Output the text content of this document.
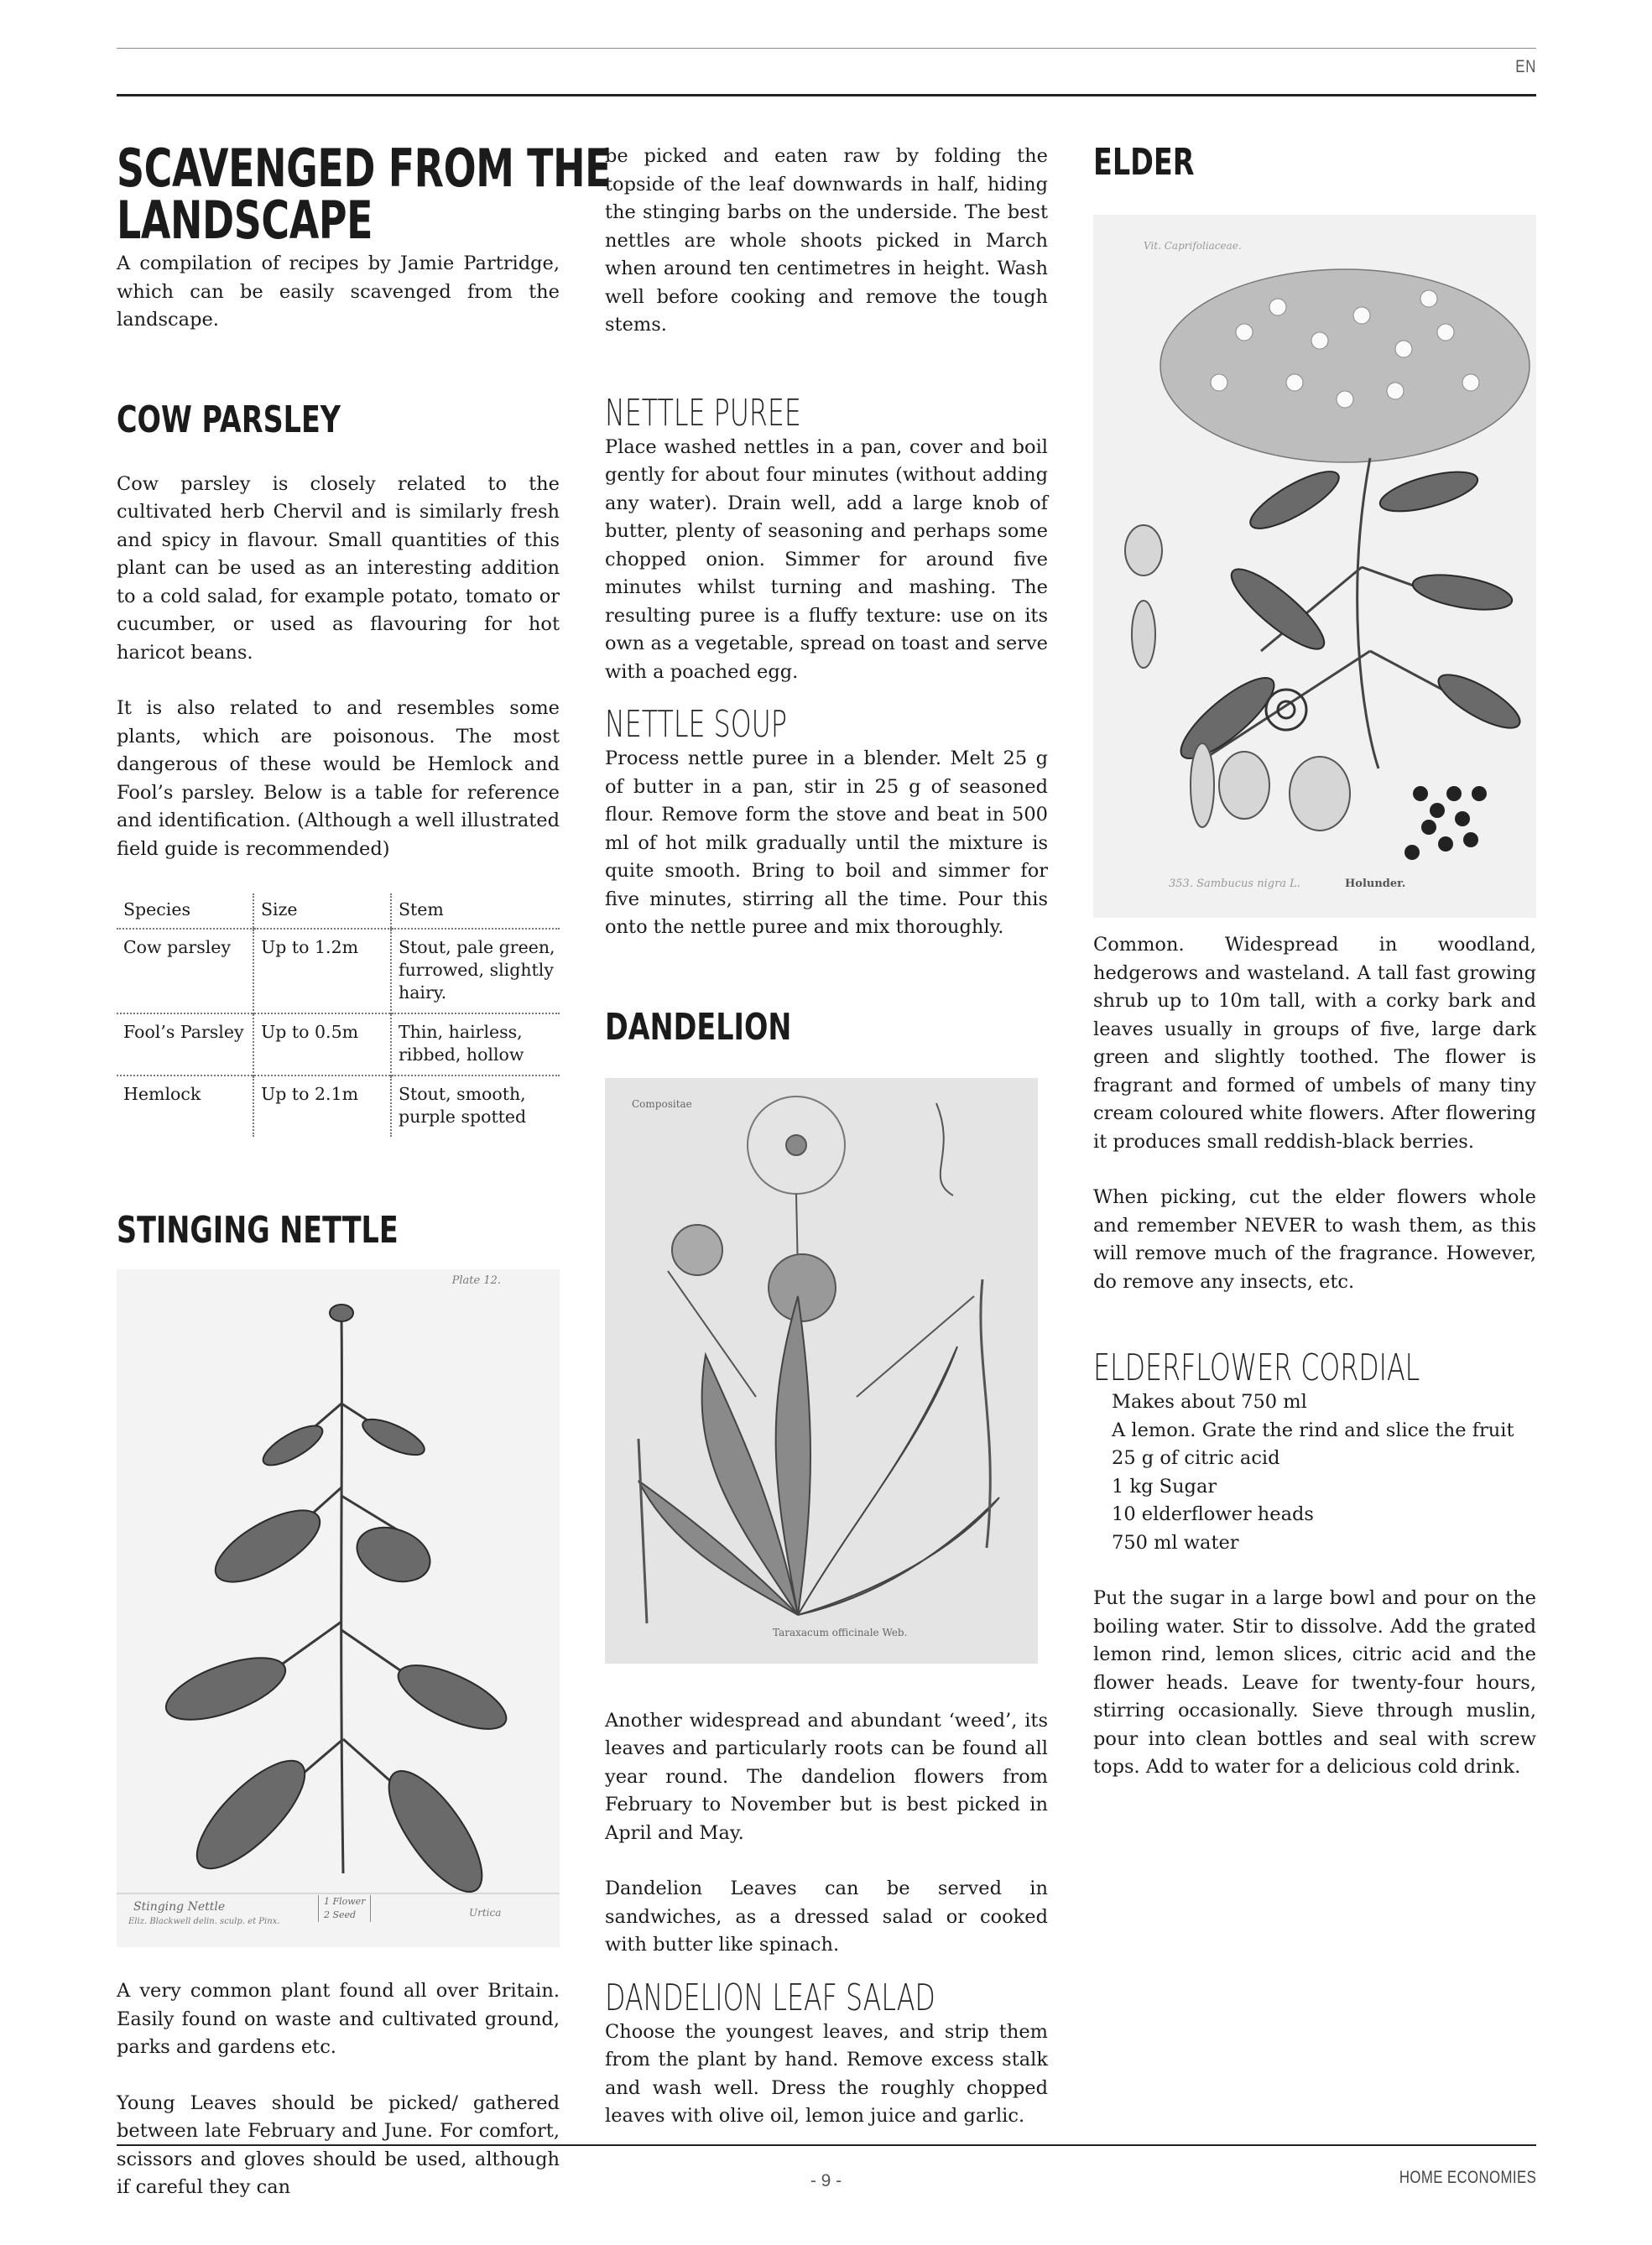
EN
SCAVENGED FROM THE
LANDSCAPE

A compilation of recipes by Jamie Partridge, which can be easily scavenged from the landscape.

COW PARSLEY

Cow parsley is closely related to the cultivated herb Chervil and is similarly fresh and spicy in flavour. Small quantities of this plant can be used as an interesting addition to a cold salad, for example potato, tomato or cucumber, or used as flavouring for hot haricot beans.

It is also related to and resembles some plants, which are poisonous. The most dangerous of these would be Hemlock and Fool’s parsley. Below is a table for reference and identification. (Although a well illustrated field guide is recommended)

Species	Size	Stem
Cow parsley	Up to 1.2m	Stout, pale green, furrowed, slightly hairy.
Fool’s Parsley	Up to 0.5m	Thin, hairless, ribbed, hollow
Hemlock	Up to 2.1m	Stout, smooth, purple spotted
STINGING NETTLE
Plate 12.
Stinging Nettle
Eliz. Blackwell delin. sculp. et Pinx.
1 Flower
2 Seed	Urtica

A very common plant found all over Britain. Easily found on waste and cultivated ground, parks and gardens etc.

Young Leaves should be picked/ gathered between late February and June. For comfort, scissors and gloves should be used, although if careful they can

be picked and eaten raw by folding the topside of the leaf downwards in half, hiding the stinging barbs on the underside. The best nettles are whole shoots picked in March when around ten centimetres in height. Wash well before cooking and remove the tough stems.

NETTLE PUREE

Place washed nettles in a pan, cover and boil gently for about four minutes (without adding any water). Drain well, add a large knob of butter, plenty of seasoning and perhaps some chopped onion. Simmer for around five minutes whilst turning and mashing. The resulting puree is a fluffy texture: use on its own as a vegetable, spread on toast and serve with a poached egg.

NETTLE SOUP

Process nettle puree in a blender. Melt 25 g of butter in a pan, stir in 25 g of seasoned flour. Remove form the stove and beat in 500 ml of hot milk gradually until the mixture is quite smooth. Bring to boil and simmer for five minutes, stirring all the time. Pour this onto the nettle puree and mix thoroughly.

DANDELION
Compositae
Taraxacum officinale Web.

Another widespread and abundant ‘weed’, its leaves and particularly roots can be found all year round. The dandelion flowers from February to November but is best picked in April and May.

Dandelion Leaves can be served in sandwiches, as a dressed salad or cooked with butter like spinach.

DANDELION LEAF SALAD

Choose the youngest leaves, and strip them from the plant by hand. Remove excess stalk and wash well. Dress the roughly chopped leaves with olive oil, lemon juice and garlic.

ELDER
Vit. Caprifoliaceae.
353. Sambucus nigra L.	Holunder.

Common. Widespread in woodland, hedgerows and wasteland. A tall fast growing shrub up to 10m tall, with a corky bark and leaves usually in groups of five, large dark green and slightly toothed. The flower is fragrant and formed of umbels of many tiny cream coloured white flowers. After flowering it produces small reddish-black berries.

When picking, cut the elder flowers whole and remember NEVER to wash them, as this will remove much of the fragrance. However, do remove any insects, etc.

ELDERFLOWER CORDIAL
Makes about 750 ml
A lemon. Grate the rind and slice the fruit
25 g of citric acid
1 kg Sugar
10 elderflower heads
750 ml water

Put the sugar in a large bowl and pour on the boiling water. Stir to dissolve. Add the grated lemon rind, lemon slices, citric acid and the flower heads. Leave for twenty-four hours, stirring occasionally. Sieve through muslin, pour into clean bottles and seal with screw tops. Add to water for a delicious cold drink.

- 9 -	HOME ECONOMIES
